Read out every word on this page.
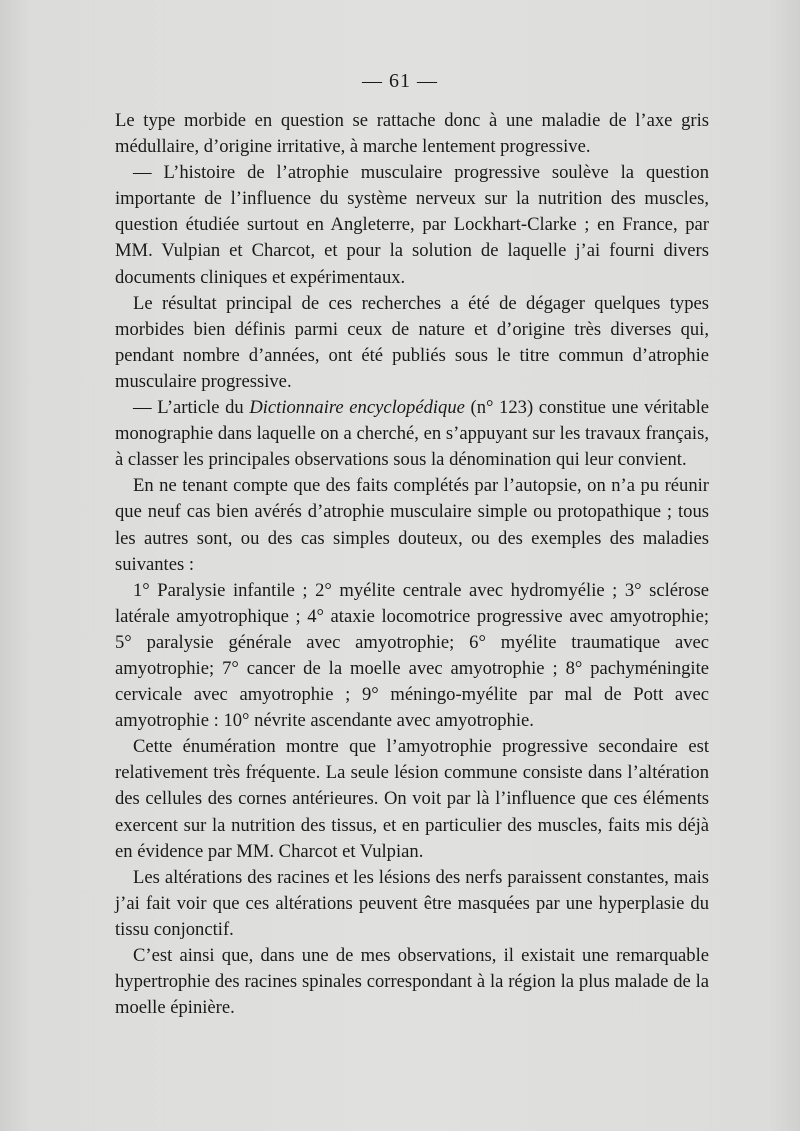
— 61 —

Le type morbide en question se rattache donc à une maladie de l’axe gris médullaire, d’origine irritative, à marche lentement progressive.

— L’histoire de l’atrophie musculaire progressive soulève la question importante de l’influence du système nerveux sur la nutrition des muscles, question étudiée surtout en Angleterre, par Lockhart-Clarke ; en France, par MM. Vulpian et Charcot, et pour la solution de laquelle j’ai fourni divers documents cliniques et expérimentaux.

Le résultat principal de ces recherches a été de dégager quelques types morbides bien définis parmi ceux de nature et d’origine très diverses qui, pendant nombre d’années, ont été publiés sous le titre commun d’atrophie musculaire progressive.

— L’article du Dictionnaire encyclopédique (n° 123) constitue une véritable monographie dans laquelle on a cherché, en s’appuyant sur les travaux français, à classer les principales observations sous la dénomination qui leur convient.

En ne tenant compte que des faits complétés par l’autopsie, on n’a pu réunir que neuf cas bien avérés d’atrophie musculaire simple ou protopathique ; tous les autres sont, ou des cas simples douteux, ou des exemples des maladies suivantes :

1° Paralysie infantile ; 2° myélite centrale avec hydromyélie ; 3° sclérose latérale amyotrophique ; 4° ataxie locomotrice progressive avec amyotrophie; 5° paralysie générale avec amyotrophie; 6° myélite traumatique avec amyotrophie; 7° cancer de la moelle avec amyotrophie ; 8° pachyméningite cervicale avec amyotrophie ; 9° méningo-myélite par mal de Pott avec amyotrophie : 10° névrite ascendante avec amyotrophie.

Cette énumération montre que l’amyotrophie progressive secondaire est relativement très fréquente. La seule lésion commune consiste dans l’altération des cellules des cornes antérieures. On voit par là l’influence que ces éléments exercent sur la nutrition des tissus, et en particulier des muscles, faits mis déjà en évidence par MM. Charcot et Vulpian.

Les altérations des racines et les lésions des nerfs paraissent constantes, mais j’ai fait voir que ces altérations peuvent être masquées par une hyperplasie du tissu conjonctif.

C’est ainsi que, dans une de mes observations, il existait une remarquable hypertrophie des racines spinales correspondant à la région la plus malade de la moelle épinière.
